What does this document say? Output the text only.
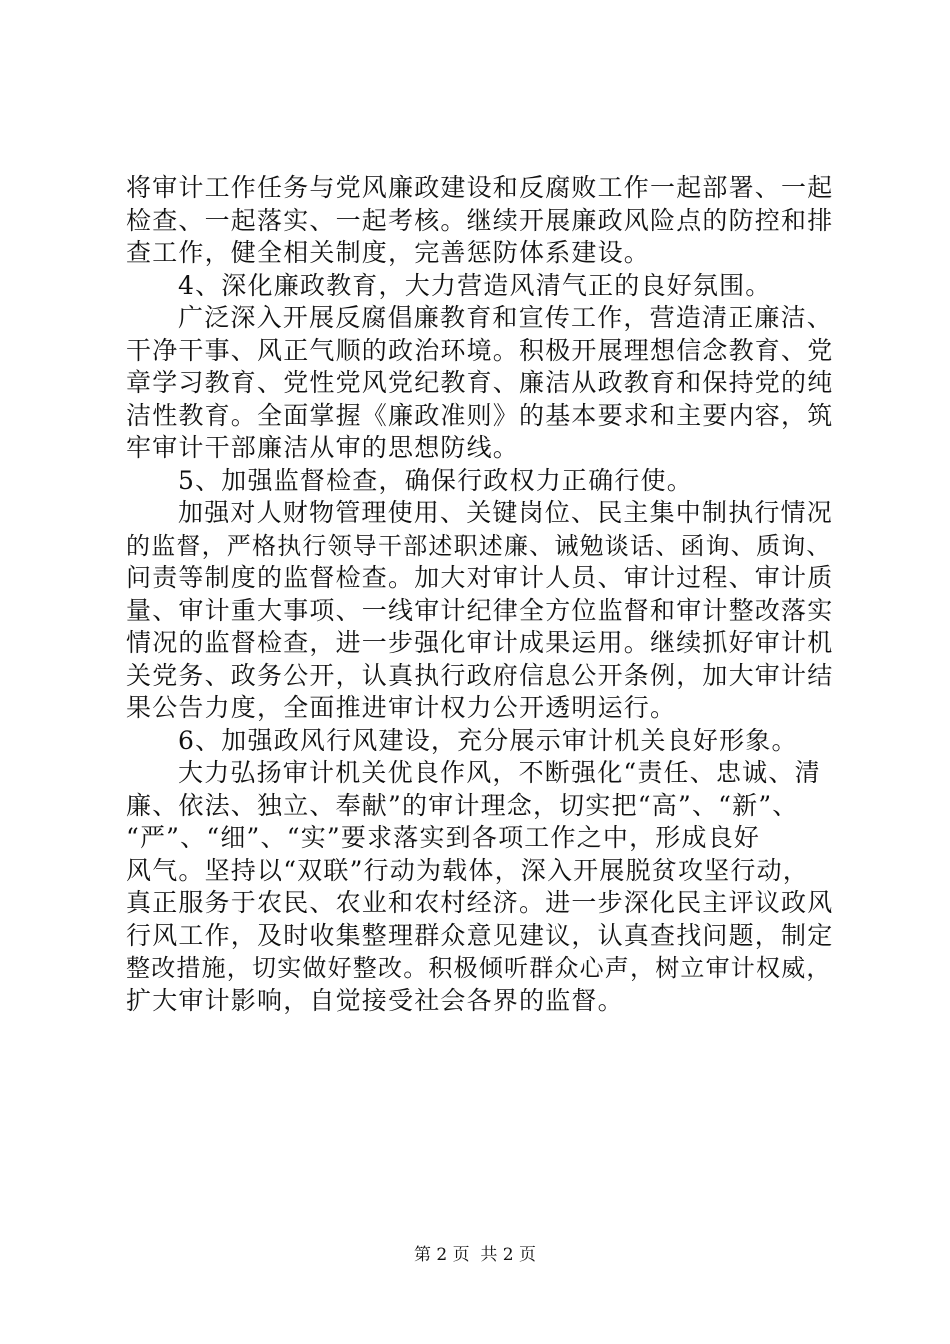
将审计工作任务与党风廉政建设和反腐败工作一起部署、一起
检查、一起落实、一起考核。继续开展廉政风险点的防控和排
查工作，健全相关制度，完善惩防体系建设。
4、深化廉政教育，大力营造风清气正的良好氛围。
广泛深入开展反腐倡廉教育和宣传工作，营造清正廉洁、
干净干事、风正气顺的政治环境。积极开展理想信念教育、党
章学习教育、党性党风党纪教育、廉洁从政教育和保持党的纯
洁性教育。全面掌握《廉政准则》的基本要求和主要内容，筑
牢审计干部廉洁从审的思想防线。
5、加强监督检查，确保行政权力正确行使。
加强对人财物管理使用、关键岗位、民主集中制执行情况
的监督，严格执行领导干部述职述廉、诫勉谈话、函询、质询、
问责等制度的监督检查。加大对审计人员、审计过程、审计质
量、审计重大事项、一线审计纪律全方位监督和审计整改落实
情况的监督检查，进一步强化审计成果运用。继续抓好审计机
关党务、政务公开，认真执行政府信息公开条例，加大审计结
果公告力度，全面推进审计权力公开透明运行。
6、加强政风行风建设，充分展示审计机关良好形象。
大力弘扬审计机关优良作风，不断强化“责任、忠诚、清
廉、依法、独立、奉献”的审计理念，切实把“高”、“新”、
“严”、“细”、“实”要求落实到各项工作之中，形成良好
风气。坚持以“双联”行动为载体，深入开展脱贫攻坚行动，
真正服务于农民、农业和农村经济。进一步深化民主评议政风
行风工作，及时收集整理群众意见建议，认真查找问题，制定
整改措施，切实做好整改。积极倾听群众心声，树立审计权威，
扩大审计影响，自觉接受社会各界的监督。
第 2 页  共 2 页
